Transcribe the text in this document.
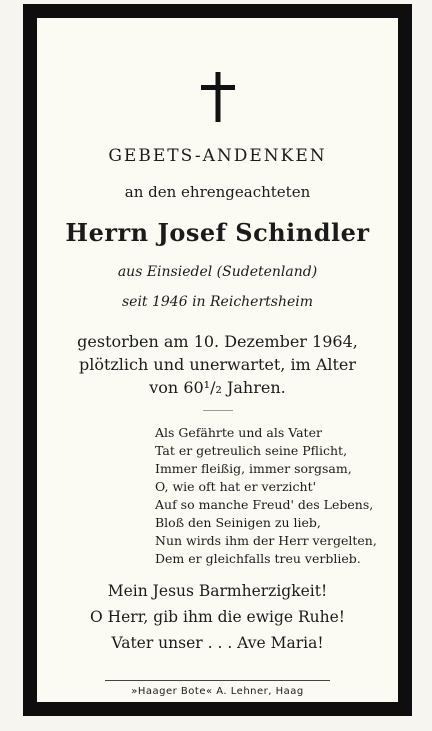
GEBETS-ANDENKEN
an den ehrengeachteten
Herrn Josef Schindler
aus Einsiedel (Sudetenland)
seit 1946 in Reichertsheim
gestorben am 10. Dezember 1964,
plötzlich und unerwartet, im Alter
von 60¹/₂ Jahren.
Als Gefährte und als Vater
Tat er getreulich seine Pflicht,
Immer fleißig, immer sorgsam,
O, wie oft hat er verzicht'
Auf so manche Freud' des Lebens,
Bloß den Seinigen zu lieb,
Nun wirds ihm der Herr vergelten,
Dem er gleichfalls treu verblieb.
Mein Jesus Barmherzigkeit!
O Herr, gib ihm die ewige Ruhe!
Vater unser . . . Ave Maria!
»Haager Bote« A. Lehner, Haag
